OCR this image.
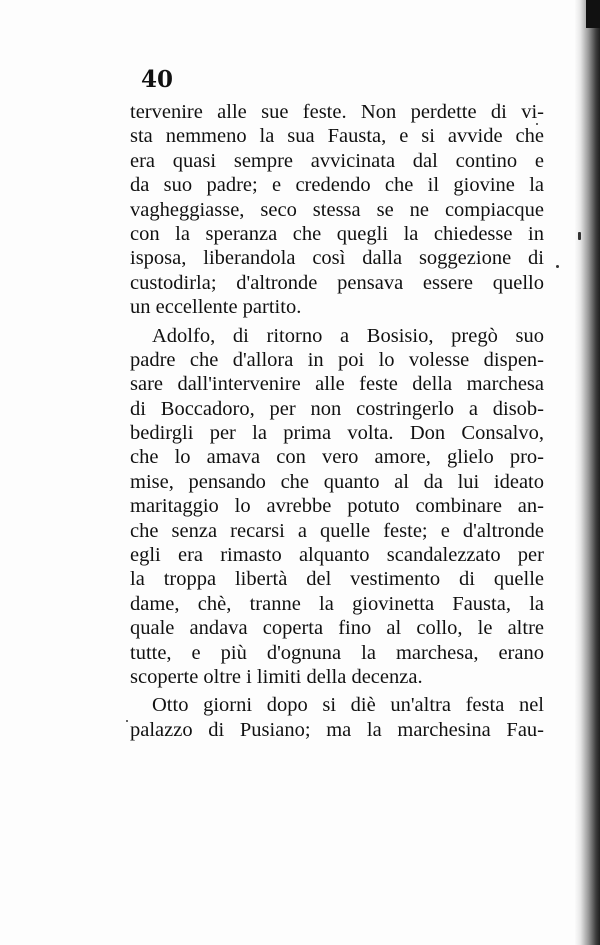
40
tervenire alle sue feste. Non perdette di vi-
sta nemmeno la sua Fausta, e si avvide che
era quasi sempre avvicinata dal contino e
da suo padre; e credendo che il giovine la
vagheggiasse, seco stessa se ne compiacque
con la speranza che quegli la chiedesse in
isposa, liberandola così dalla soggezione di
custodirla; d'altronde pensava essere quello
un eccellente partito.
Adolfo, di ritorno a Bosisio, pregò suo
padre che d'allora in poi lo volesse dispen-
sare dall'intervenire alle feste della marchesa
di Boccadoro, per non costringerlo a disob-
bedirgli per la prima volta. Don Consalvo,
che lo amava con vero amore, glielo pro-
mise, pensando che quanto al da lui ideato
maritaggio lo avrebbe potuto combinare an-
che senza recarsi a quelle feste; e d'altronde
egli era rimasto alquanto scandalezzato per
la troppa libertà del vestimento di quelle
dame, chè, tranne la giovinetta Fausta, la
quale andava coperta fino al collo, le altre
tutte, e più d'ognuna la marchesa, erano
scoperte oltre i limiti della decenza.
Otto giorni dopo si diè un'altra festa nel
palazzo di Pusiano; ma la marchesina Fau-
